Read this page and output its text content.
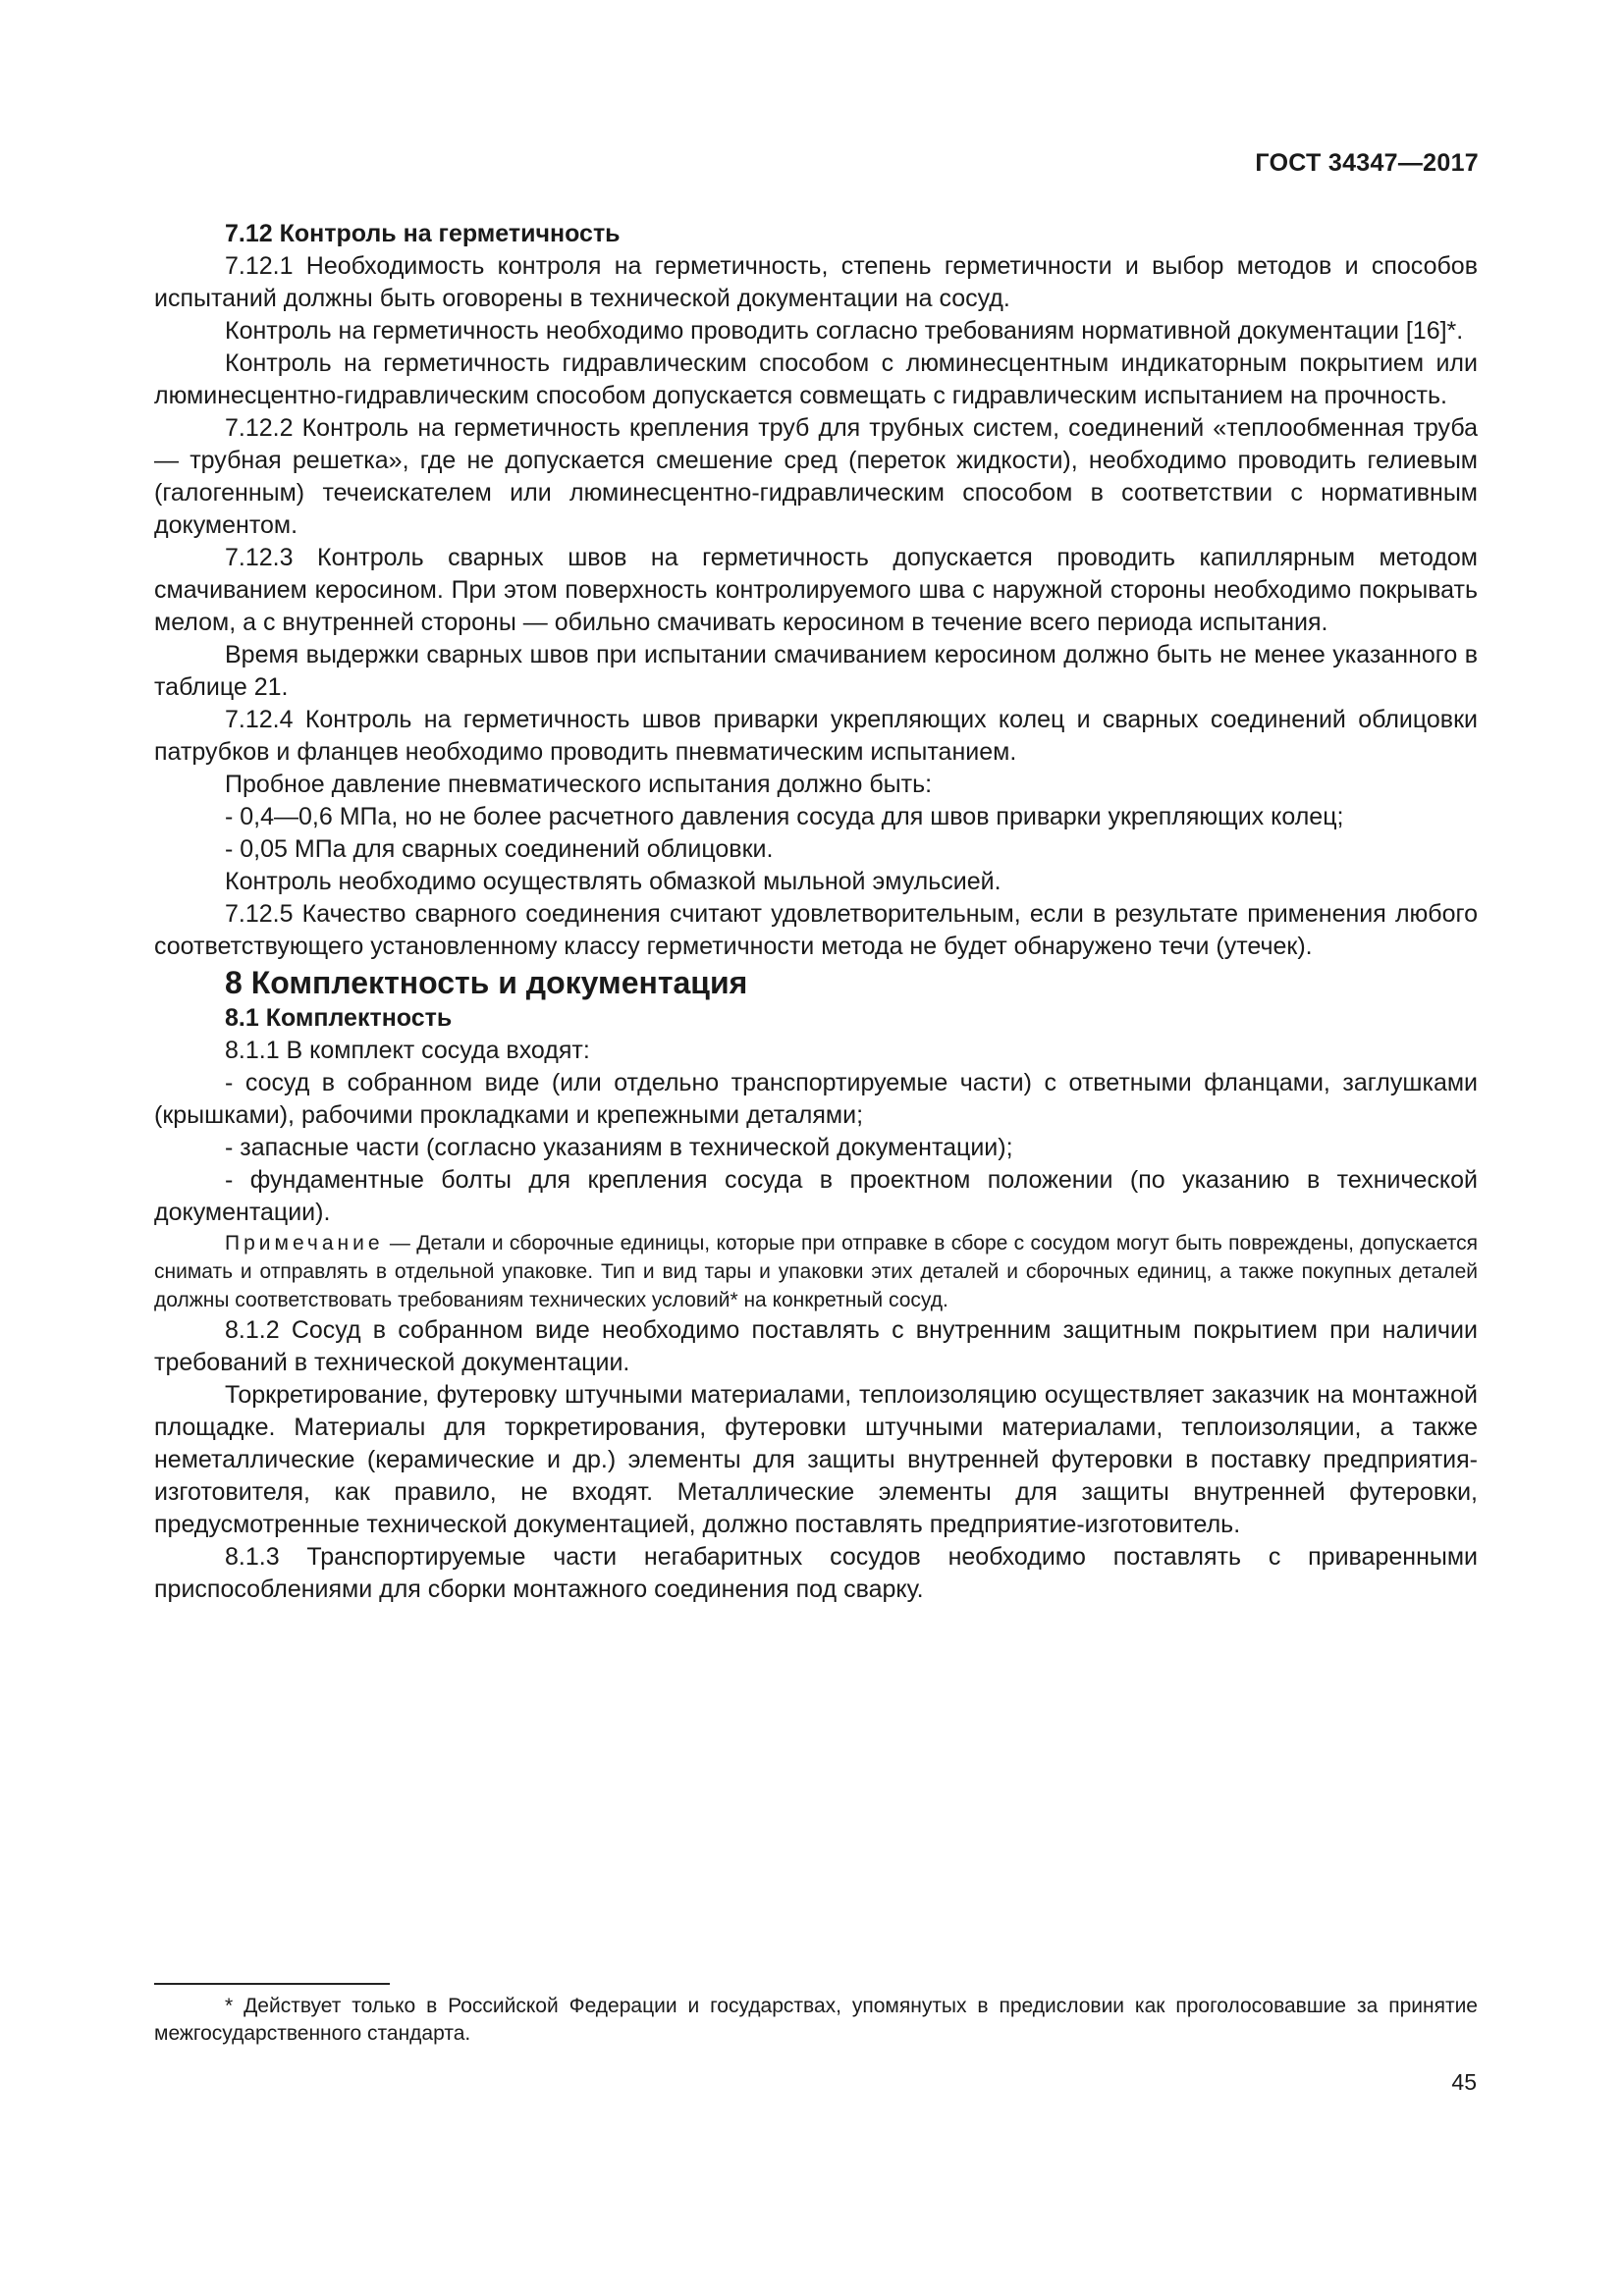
ГОСТ 34347—2017

7.12 Контроль на герметичность

7.12.1 Необходимость контроля на герметичность, степень герметичности и выбор методов и способов испытаний должны быть оговорены в технической документации на сосуд.

Контроль на герметичность необходимо проводить согласно требованиям нормативной документации [16]*.

Контроль на герметичность гидравлическим способом с люминесцентным индикаторным покрытием или люминесцентно-гидравлическим способом допускается совмещать с гидравлическим испытанием на прочность.

7.12.2 Контроль на герметичность крепления труб для трубных систем, соединений «теплообменная труба — трубная решетка», где не допускается смешение сред (переток жидкости), необходимо проводить гелиевым (галогенным) течеискателем или люминесцентно-гидравлическим способом в соответствии с нормативным документом.

7.12.3 Контроль сварных швов на герметичность допускается проводить капиллярным методом смачиванием керосином. При этом поверхность контролируемого шва с наружной стороны необходимо покрывать мелом, а с внутренней стороны — обильно смачивать керосином в течение всего периода испытания.

Время выдержки сварных швов при испытании смачиванием керосином должно быть не менее указанного в таблице 21.

7.12.4 Контроль на герметичность швов приварки укрепляющих колец и сварных соединений облицовки патрубков и фланцев необходимо проводить пневматическим испытанием.

Пробное давление пневматического испытания должно быть:

- 0,4—0,6 МПа, но не более расчетного давления сосуда для швов приварки укрепляющих колец;

- 0,05 МПа для сварных соединений облицовки.

Контроль необходимо осуществлять обмазкой мыльной эмульсией.

7.12.5 Качество сварного соединения считают удовлетворительным, если в результате применения любого соответствующего установленному классу герметичности метода не будет обнаружено течи (утечек).

8 Комплектность и документация

8.1 Комплектность

8.1.1 В комплект сосуда входят:

- сосуд в собранном виде (или отдельно транспортируемые части) с ответными фланцами, заглушками (крышками), рабочими прокладками и крепежными деталями;

- запасные части (согласно указаниям в технической документации);

- фундаментные болты для крепления сосуда в проектном положении (по указанию в технической документации).

Примечание — Детали и сборочные единицы, которые при отправке в сборе с сосудом могут быть повреждены, допускается снимать и отправлять в отдельной упаковке. Тип и вид тары и упаковки этих деталей и сборочных единиц, а также покупных деталей должны соответствовать требованиям технических условий* на конкретный сосуд.

8.1.2 Сосуд в собранном виде необходимо поставлять с внутренним защитным покрытием при наличии требований в технической документации.

Торкретирование, футеровку штучными материалами, теплоизоляцию осуществляет заказчик на монтажной площадке. Материалы для торкретирования, футеровки штучными материалами, теплоизоляции, а также неметаллические (керамические и др.) элементы для защиты внутренней футеровки в поставку предприятия-изготовителя, как правило, не входят. Металлические элементы для защиты внутренней футеровки, предусмотренные технической документацией, должно поставлять предприятие-изготовитель.

8.1.3 Транспортируемые части негабаритных сосудов необходимо поставлять с приваренными приспособлениями для сборки монтажного соединения под сварку.

* Действует только в Российской Федерации и государствах, упомянутых в предисловии как проголосовавшие за принятие межгосударственного стандарта.
45
